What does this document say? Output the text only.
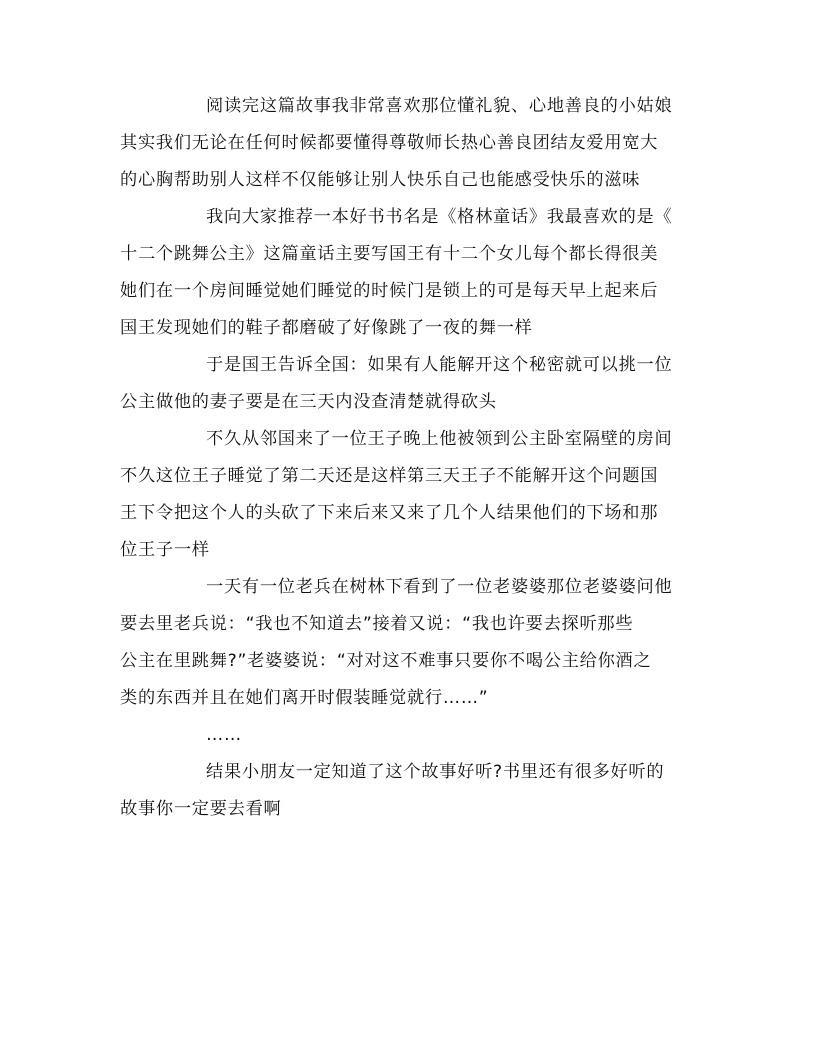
阅读完这篇故事我非常喜欢那位懂礼貌、心地善良的小姑娘
其实我们无论在任何时候都要懂得尊敬师长热心善良团结友爱用宽大
的心胸帮助别人这样不仅能够让别人快乐自己也能感受快乐的滋味
我向大家推荐一本好书书名是《格林童话》我最喜欢的是《
十二个跳舞公主》这篇童话主要写国王有十二个女儿每个都长得很美
她们在一个房间睡觉她们睡觉的时候门是锁上的可是每天早上起来后
国王发现她们的鞋子都磨破了好像跳了一夜的舞一样
于是国王告诉全国：如果有人能解开这个秘密就可以挑一位
公主做他的妻子要是在三天内没查清楚就得砍头
不久从邻国来了一位王子晚上他被领到公主卧室隔壁的房间
不久这位王子睡觉了第二天还是这样第三天王子不能解开这个问题国
王下令把这个人的头砍了下来后来又来了几个人结果他们的下场和那
位王子一样
一天有一位老兵在树林下看到了一位老婆婆那位老婆婆问他
要去里老兵说：“我也不知道去”接着又说：“我也许要去探听那些
公主在里跳舞?”老婆婆说：“对对这不难事只要你不喝公主给你酒之
类的东西并且在她们离开时假装睡觉就行……”
……
结果小朋友一定知道了这个故事好听?书里还有很多好听的
故事你一定要去看啊
